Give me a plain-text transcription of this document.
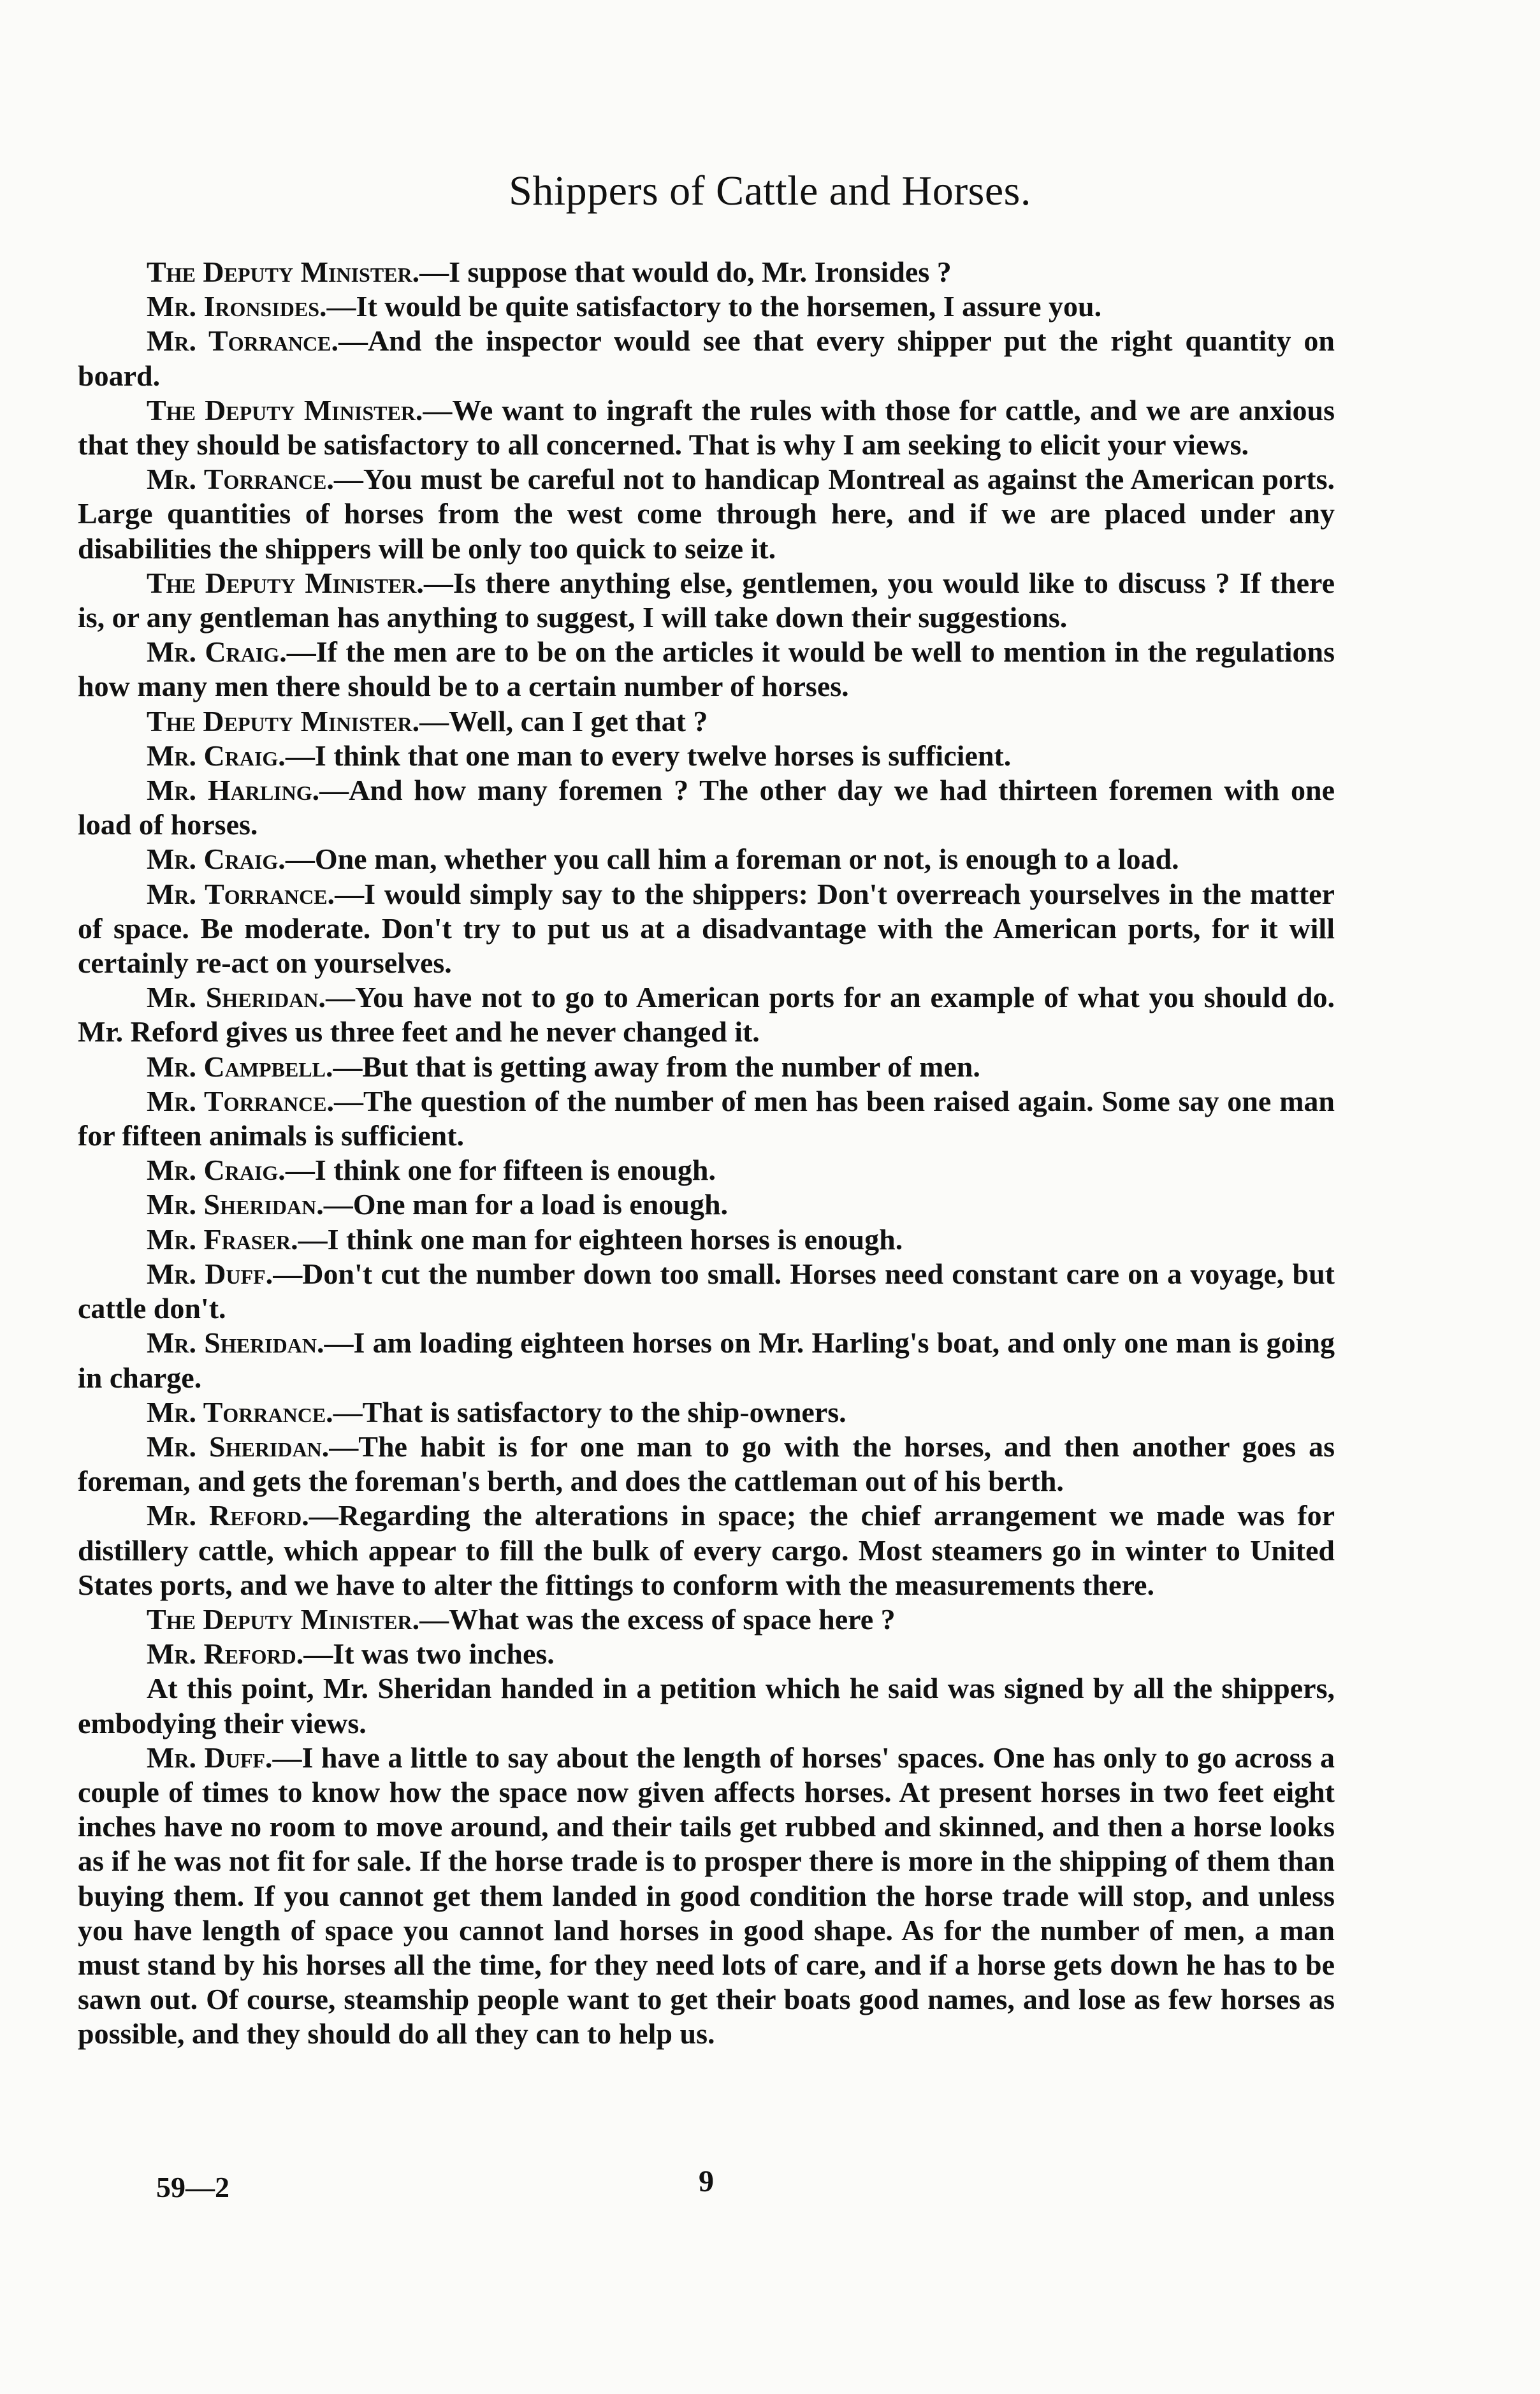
Shippers of Cattle and Horses.

The Deputy Minister.—I suppose that would do, Mr. Ironsides ?

Mr. Ironsides.—It would be quite satisfactory to the horsemen, I assure you.

Mr. Torrance.—And the inspector would see that every shipper put the right quantity on board.

The Deputy Minister.—We want to ingraft the rules with those for cattle, and we are anxious that they should be satisfactory to all concerned. That is why I am seeking to elicit your views.

Mr. Torrance.—You must be careful not to handicap Montreal as against the American ports. Large quantities of horses from the west come through here, and if we are placed under any disabilities the shippers will be only too quick to seize it.

The Deputy Minister.—Is there anything else, gentlemen, you would like to discuss ? If there is, or any gentleman has anything to suggest, I will take down their suggestions.

Mr. Craig.—If the men are to be on the articles it would be well to mention in the regulations how many men there should be to a certain number of horses.

The Deputy Minister.—Well, can I get that ?

Mr. Craig.—I think that one man to every twelve horses is sufficient.

Mr. Harling.—And how many foremen ? The other day we had thirteen foremen with one load of horses.

Mr. Craig.—One man, whether you call him a foreman or not, is enough to a load.

Mr. Torrance.—I would simply say to the shippers: Don't overreach yourselves in the matter of space. Be moderate. Don't try to put us at a disadvantage with the American ports, for it will certainly re-act on yourselves.

Mr. Sheridan.—You have not to go to American ports for an example of what you should do. Mr. Reford gives us three feet and he never changed it.

Mr. Campbell.—But that is getting away from the number of men.

Mr. Torrance.—The question of the number of men has been raised again. Some say one man for fifteen animals is sufficient.

Mr. Craig.—I think one for fifteen is enough.

Mr. Sheridan.—One man for a load is enough.

Mr. Fraser.—I think one man for eighteen horses is enough.

Mr. Duff.—Don't cut the number down too small. Horses need constant care on a voyage, but cattle don't.

Mr. Sheridan.—I am loading eighteen horses on Mr. Harling's boat, and only one man is going in charge.

Mr. Torrance.—That is satisfactory to the ship-owners.

Mr. Sheridan.—The habit is for one man to go with the horses, and then another goes as foreman, and gets the foreman's berth, and does the cattleman out of his berth.

Mr. Reford.—Regarding the alterations in space; the chief arrangement we made was for distillery cattle, which appear to fill the bulk of every cargo. Most steamers go in winter to United States ports, and we have to alter the fittings to conform with the measurements there.

The Deputy Minister.—What was the excess of space here ?

Mr. Reford.—It was two inches.

At this point, Mr. Sheridan handed in a petition which he said was signed by all the shippers, embodying their views.

Mr. Duff.—I have a little to say about the length of horses' spaces. One has only to go across a couple of times to know how the space now given affects horses. At present horses in two feet eight inches have no room to move around, and their tails get rubbed and skinned, and then a horse looks as if he was not fit for sale. If the horse trade is to prosper there is more in the shipping of them than buying them. If you cannot get them landed in good condition the horse trade will stop, and unless you have length of space you cannot land horses in good shape. As for the number of men, a man must stand by his horses all the time, for they need lots of care, and if a horse gets down he has to be sawn out. Of course, steamship people want to get their boats good names, and lose as few horses as possible, and they should do all they can to help us.

59—2	9
